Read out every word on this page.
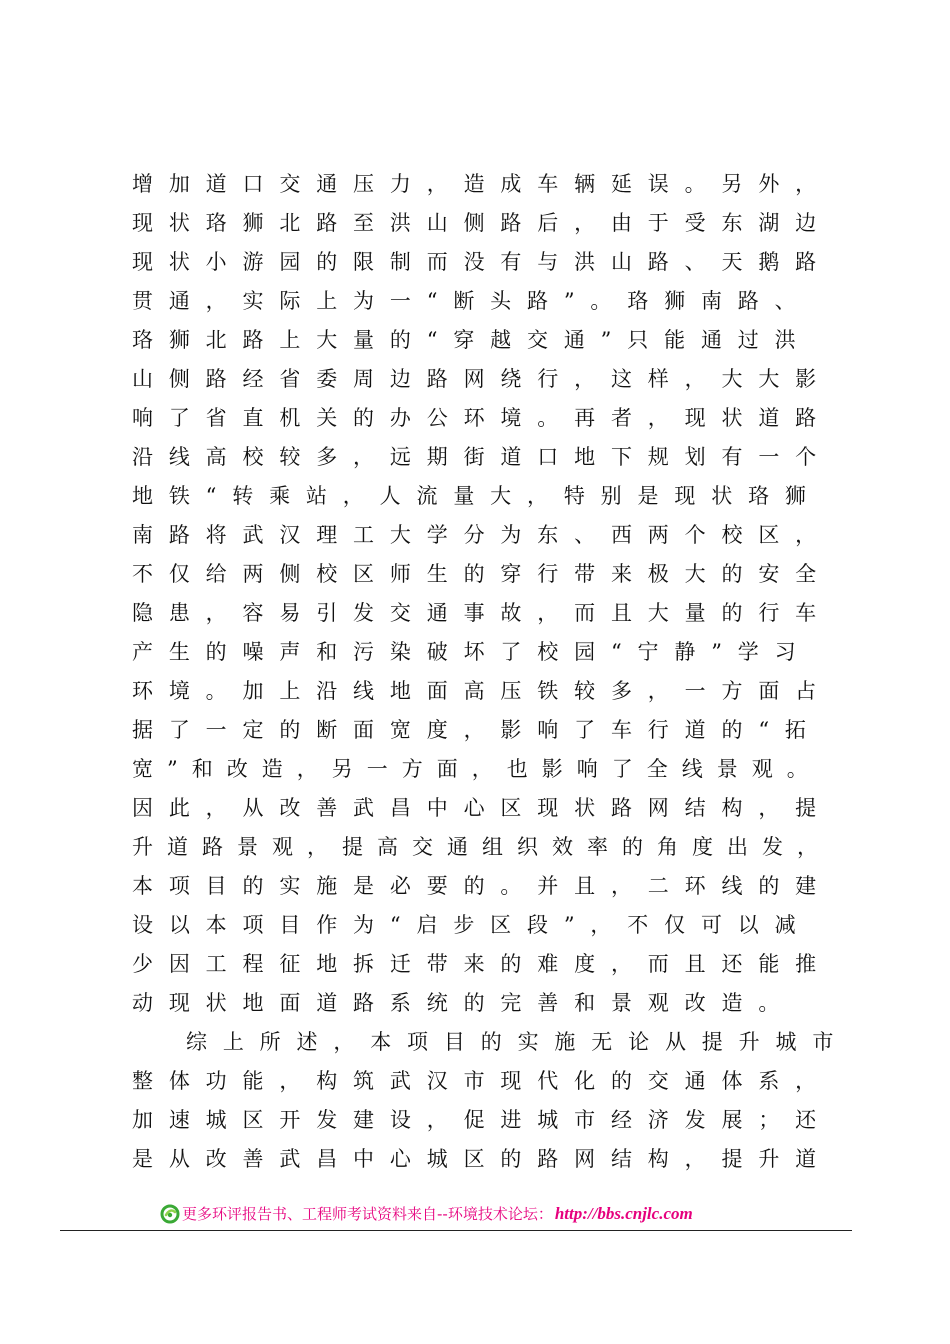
增加道口交通压力，造成车辆延误。另外，
现状珞狮北路至洪山侧路后，由于受东湖边
现状小游园的限制而没有与洪山路、天鹅路
贯通，实际上为一“断头路”。珞狮南路、
珞狮北路上大量的“穿越交通”只能通过洪
山侧路经省委周边路网绕行，这样，大大影
响了省直机关的办公环境。再者，现状道路
沿线高校较多，远期街道口地下规划有一个
地铁“转乘站，人流量大，特别是现状珞狮
南路将武汉理工大学分为东、西两个校区，
不仅给两侧校区师生的穿行带来极大的安全
隐患，容易引发交通事故，而且大量的行车
产生的噪声和污染破坏了校园“宁静”学习
环境。加上沿线地面高压铁较多，一方面占
据了一定的断面宽度，影响了车行道的“拓
宽”和改造，另一方面，也影响了全线景观。
因此，从改善武昌中心区现状路网结构，提
升道路景观，提高交通组织效率的角度出发，
本项目的实施是必要的。并且，二环线的建
设以本项目作为“启步区段”，不仅可以减
少因工程征地拆迁带来的难度，而且还能推
动现状地面道路系统的完善和景观改造。
综上所述，本项目的实施无论从提升城市
整体功能，构筑武汉市现代化的交通体系，
加速城区开发建设，促进城市经济发展；还
是从改善武昌中心城区的路网结构，提升道
更多环评报告书、工程师考试资料来自--环境技术论坛： http://bbs.cnjlc.com
